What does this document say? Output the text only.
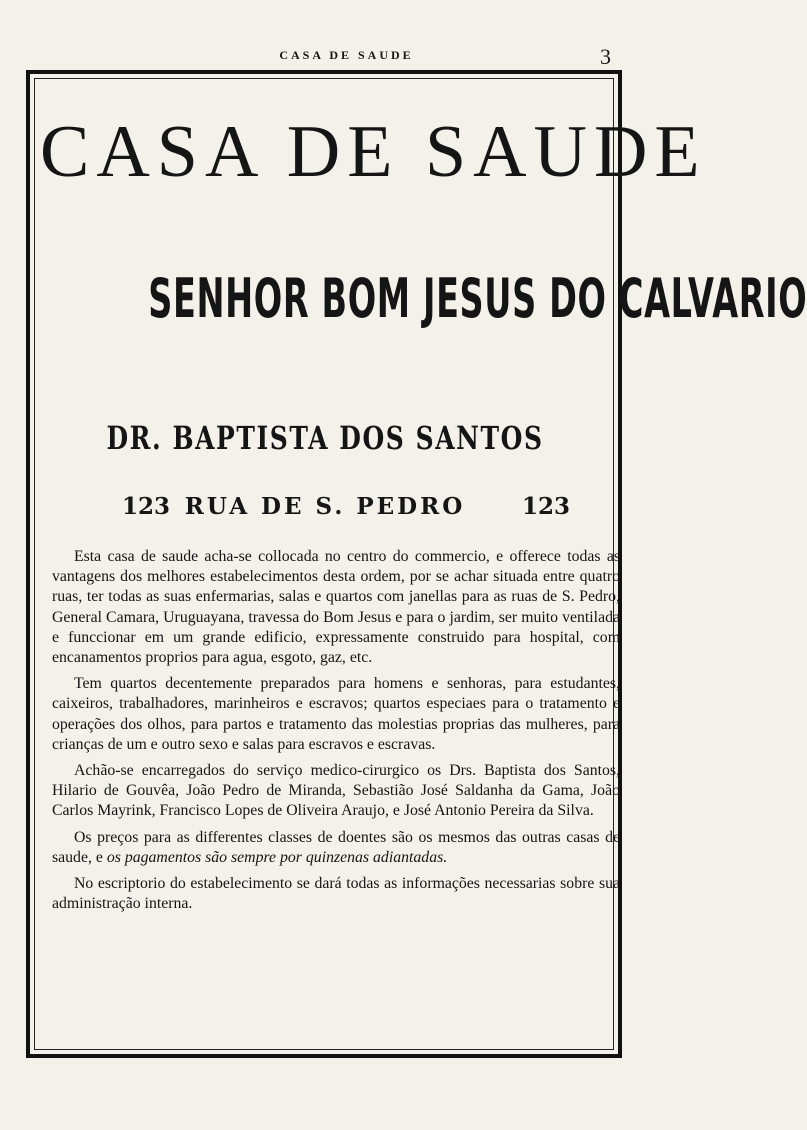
CASA DE SAUDE	3
CASA DE SAUDE
SENHOR BOM JESUS DO CALVARIO
DR. BAPTISTA DOS SANTOS
123 RUA DE S. PEDRO	123

Esta casa de saude acha-se collocada no centro do commercio, e offerece todas as vantagens dos melhores estabelecimentos desta ordem, por se achar situada entre quatro ruas, ter todas as suas enfermarias, salas e quartos com janellas para as ruas de S. Pedro, General Camara, Uruguayana, travessa do Bom Jesus e para o jardim, ser muito ventilada e funccionar em um grande edificio, expressamente construido para hospital, com encanamentos proprios para agua, esgoto, gaz, etc.

Tem quartos decentemente preparados para homens e senhoras, para estudantes, caixeiros, trabalhadores, marinheiros e escravos; quartos especiaes para o tratamento e operações dos olhos, para partos e tratamento das molestias proprias das mulheres, para crianças de um e outro sexo e salas para escravos e escravas.

Achão-se encarregados do serviço medico-cirurgico os Drs. Baptista dos Santos, Hilario de Gouvêa, João Pedro de Miranda, Sebastião José Saldanha da Gama, João Carlos Mayrink, Francisco Lopes de Oliveira Araujo, e José Antonio Pereira da Silva.

Os preços para as differentes classes de doentes são os mesmos das outras casas de saude, e os pagamentos são sempre por quinzenas adiantadas.

No escriptorio do estabelecimento se dará todas as informações necessarias sobre sua administração interna.
